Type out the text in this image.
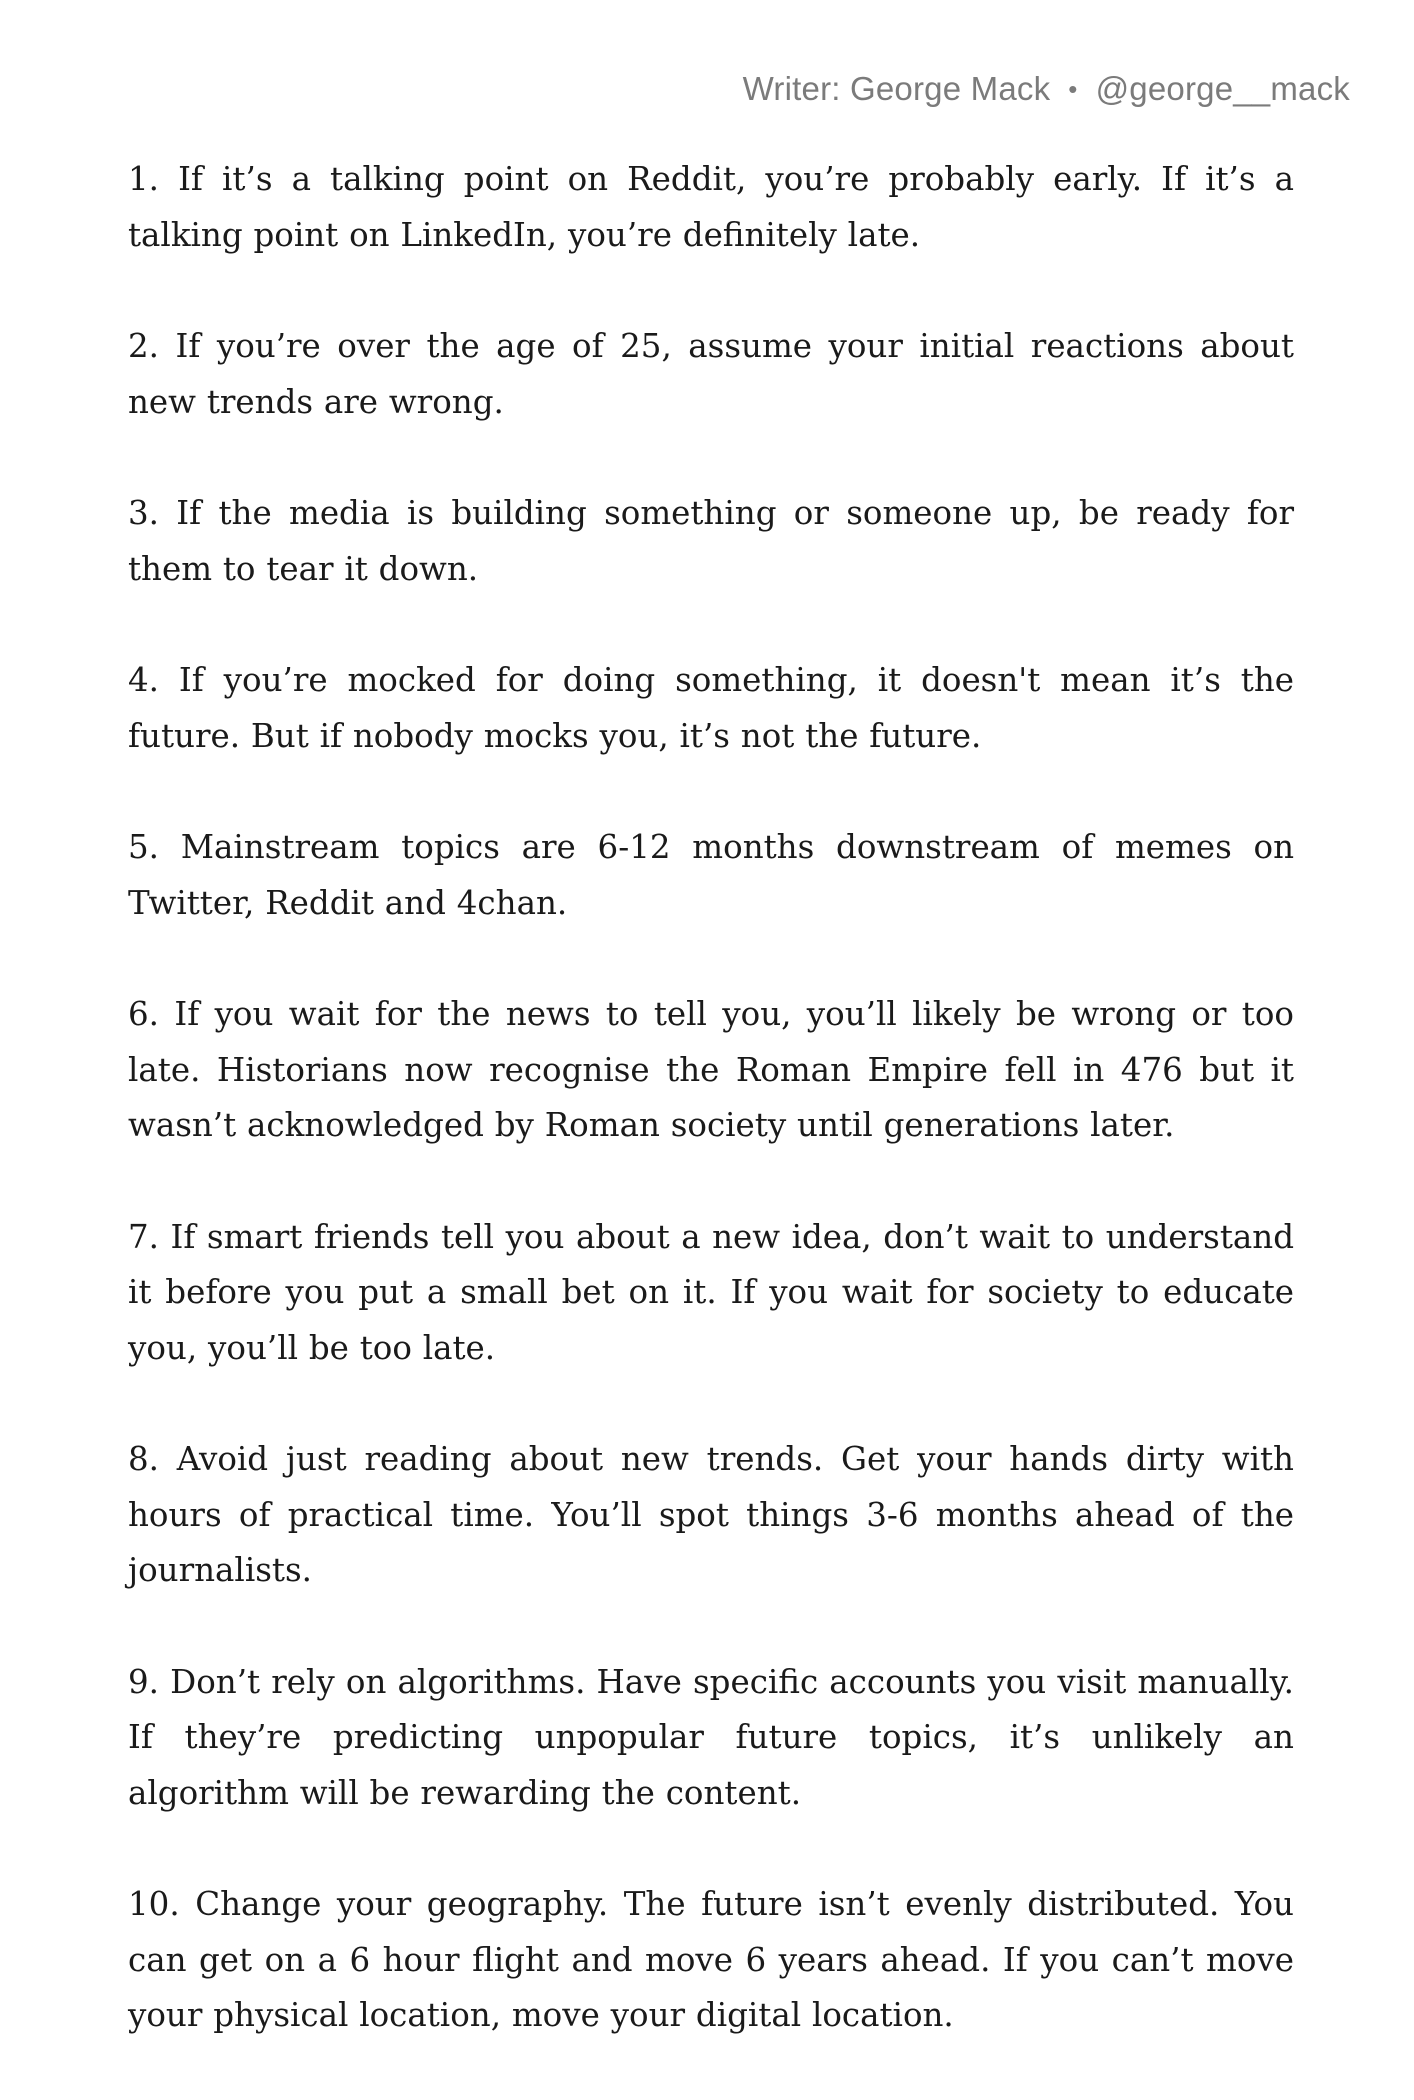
Writer: George Mack • @george__mack
1. If it’s a talking point on Reddit, you’re probably early. If it’s a talking point on LinkedIn, you’re definitely late.
2. If you’re over the age of 25, assume your initial reactions about new trends are wrong.
3. If the media is building something or someone up, be ready for them to tear it down.
4. If you’re mocked for doing something, it doesn't mean it’s the future. But if nobody mocks you, it’s not the future.
5. Mainstream topics are 6-12 months downstream of memes on Twitter, Reddit and 4chan.
6. If you wait for the news to tell you, you’ll likely be wrong or too late. Historians now recognise the Roman Empire fell in 476 but it wasn’t acknowledged by Roman society until generations later.
7. If smart friends tell you about a new idea, don’t wait to understand it before you put a small bet on it. If you wait for society to educate you, you’ll be too late.
8. Avoid just reading about new trends. Get your hands dirty with hours of practical time. You’ll spot things 3-6 months ahead of the journalists.
9. Don’t rely on algorithms. Have specific accounts you visit manually. If they’re predicting unpopular future topics, it’s unlikely an algorithm will be rewarding the content.
10. Change your geography. The future isn’t evenly distributed. You can get on a 6 hour flight and move 6 years ahead. If you can’t move your physical location, move your digital location.
